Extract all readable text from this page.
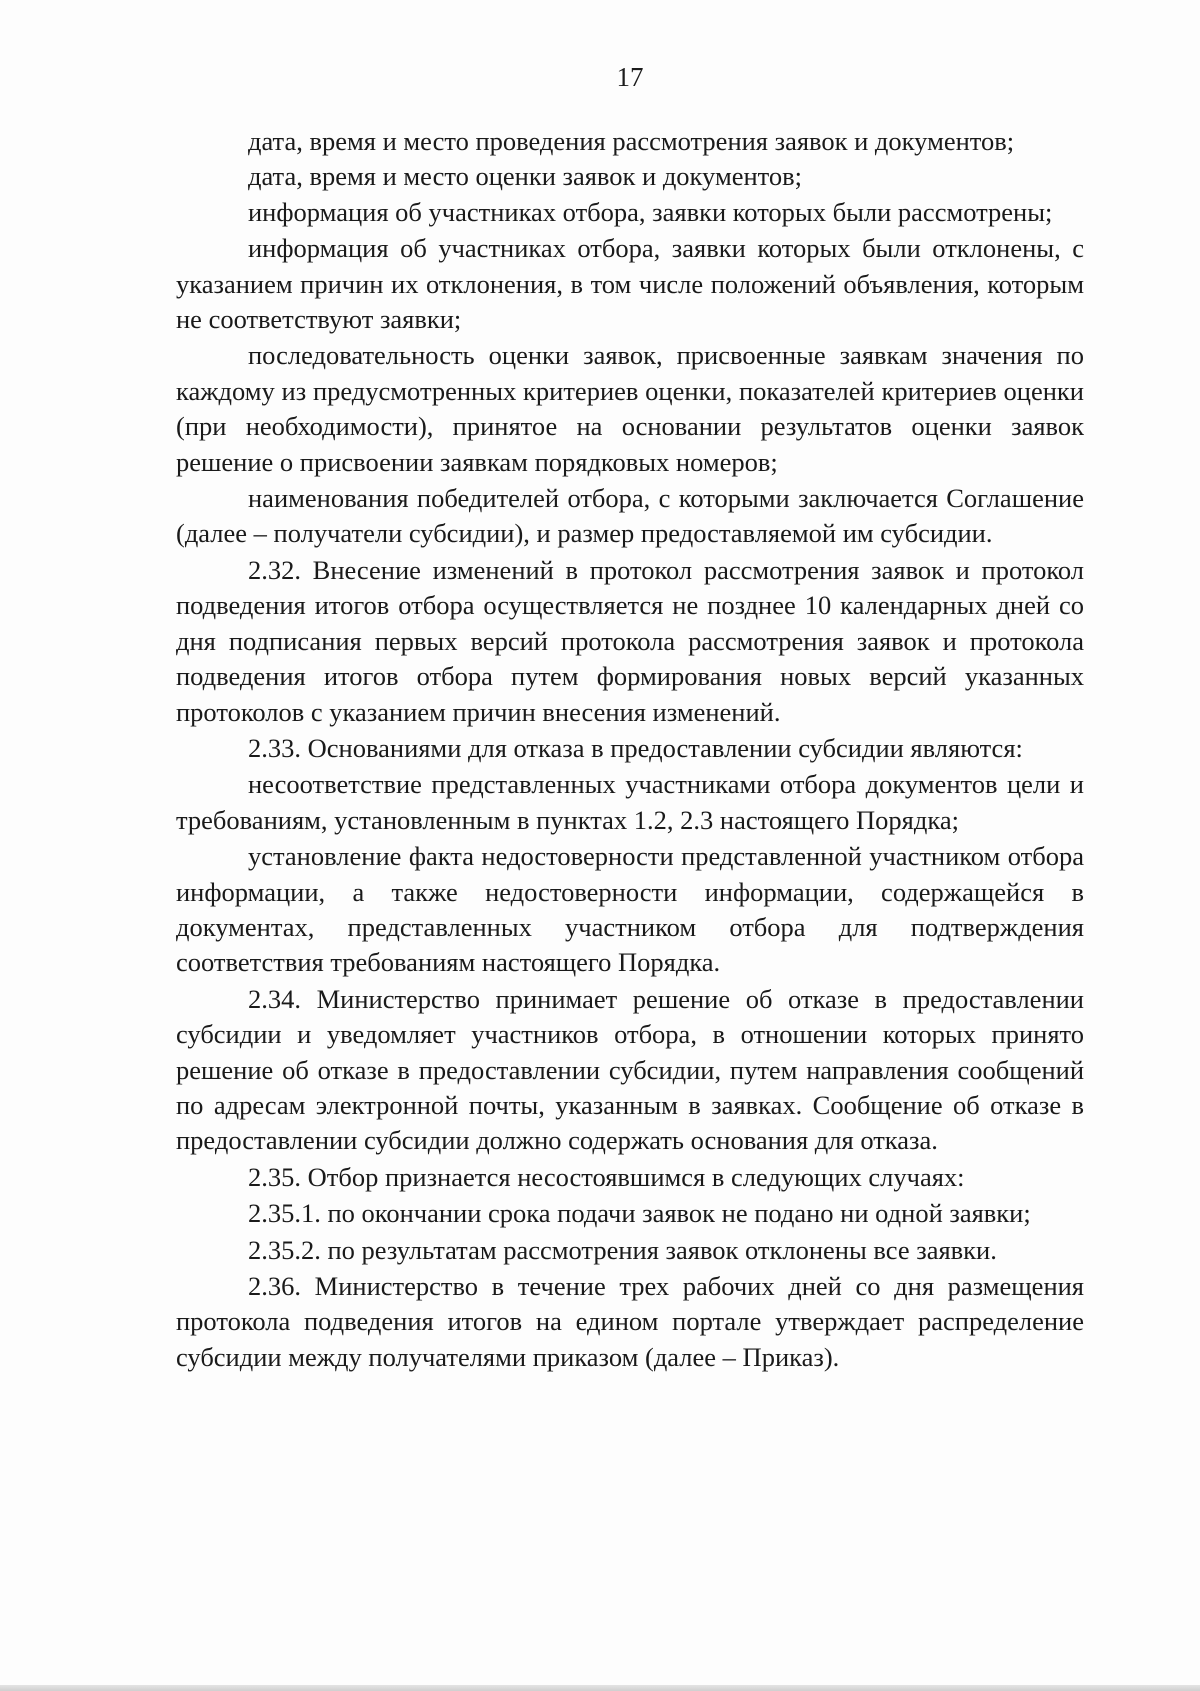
17

дата, время и место проведения рассмотрения заявок и документов;

дата, время и место оценки заявок и документов;

информация об участниках отбора, заявки которых были рассмотрены;

информация об участниках отбора, заявки которых были отклонены, с указанием причин их отклонения, в том числе положений объявления, которым не соответствуют заявки;

последовательность оценки заявок, присвоенные заявкам значения по каждому из предусмотренных критериев оценки, показателей критериев оценки (при необходимости), принятое на основании результатов оценки заявок решение о присвоении заявкам порядковых номеров;

наименования победителей отбора, с которыми заключается Соглашение (далее – получатели субсидии), и размер предоставляемой им субсидии.

2.32. Внесение изменений в протокол рассмотрения заявок и протокол подведения итогов отбора осуществляется не позднее 10 календарных дней со дня подписания первых версий протокола рассмотрения заявок и протокола подведения итогов отбора путем формирования новых версий указанных протоколов с указанием причин внесения изменений.

2.33. Основаниями для отказа в предоставлении субсидии являются:

несоответствие представленных участниками отбора документов цели и требованиям, установленным в пунктах 1.2, 2.3 настоящего Порядка;

установление факта недостоверности представленной участником отбора информации, а также недостоверности информации, содержащейся в документах, представленных участником отбора для подтверждения соответствия требованиям настоящего Порядка.

2.34. Министерство принимает решение об отказе в предоставлении субсидии и уведомляет участников отбора, в отношении которых принято решение об отказе в предоставлении субсидии, путем направления сообщений по адресам электронной почты, указанным в заявках. Сообщение об отказе в предоставлении субсидии должно содержать основания для отказа.

2.35. Отбор признается несостоявшимся в следующих случаях:

2.35.1. по окончании срока подачи заявок не подано ни одной заявки;

2.35.2. по результатам рассмотрения заявок отклонены все заявки.

2.36. Министерство в течение трех рабочих дней со дня размещения протокола подведения итогов на едином портале утверждает распределение субсидии между получателями приказом (далее – Приказ).
